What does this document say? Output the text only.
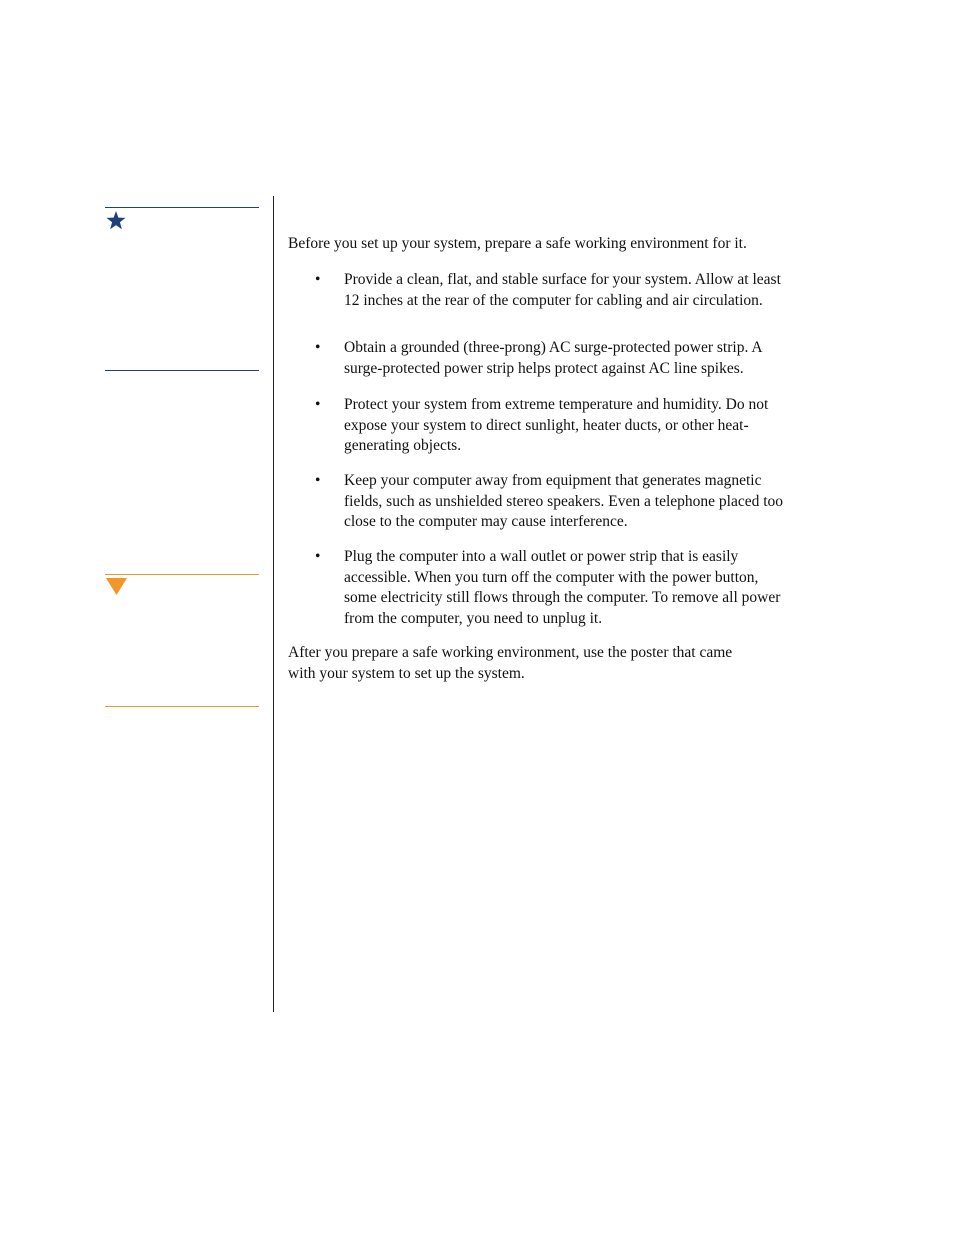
Before you set up your system, prepare a safe working environment for it.

• Provide a clean, flat, and stable surface for your system. Allow at least 12 inches at the rear of the computer for cabling and air circulation.

• Obtain a grounded (three-prong) AC surge-protected power strip. A surge-protected power strip helps protect against AC line spikes.

• Protect your system from extreme temperature and humidity. Do not expose your system to direct sunlight, heater ducts, or other heat-generating objects.

• Keep your computer away from equipment that generates magnetic fields, such as unshielded stereo speakers. Even a telephone placed too close to the computer may cause interference.

• Plug the computer into a wall outlet or power strip that is easily accessible. When you turn off the computer with the power button, some electricity still flows through the computer. To remove all power from the computer, you need to unplug it.

After you prepare a safe working environment, use the poster that came with your system to set up the system.
